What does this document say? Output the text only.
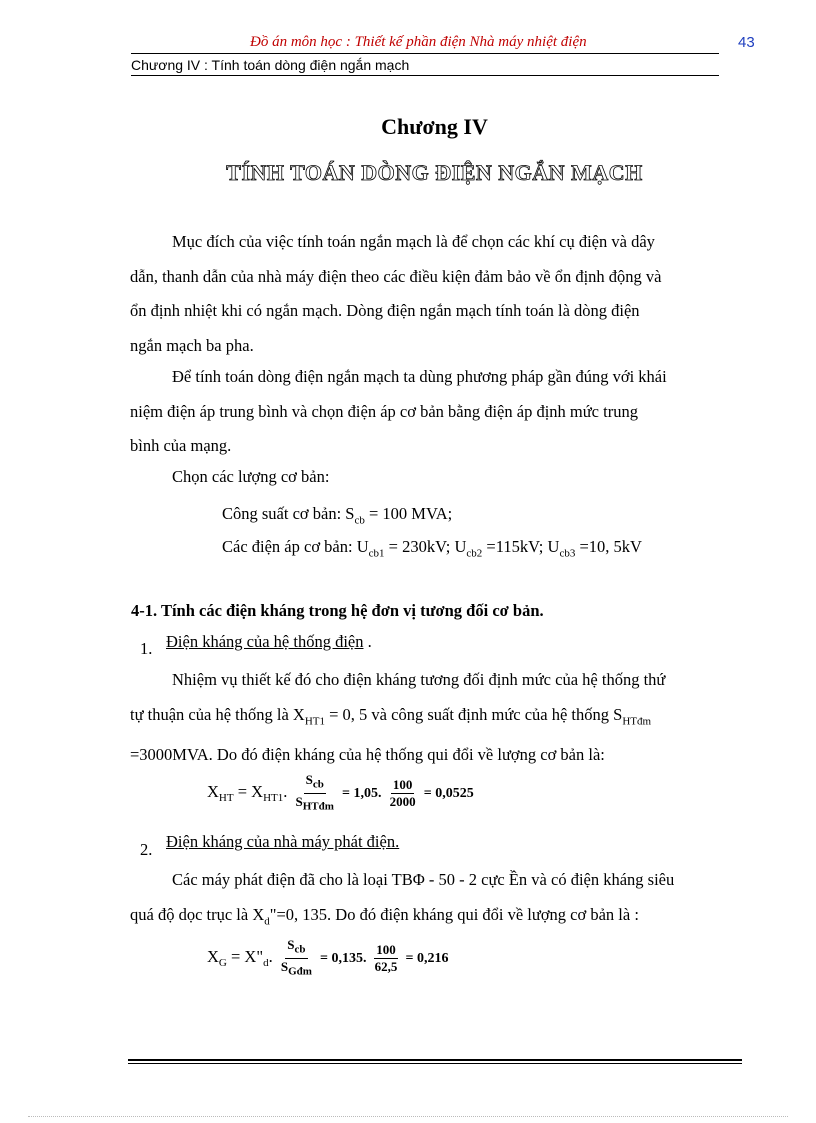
Đồ án môn học : Thiết kế phần điện Nhà máy nhiệt điện	43
Chương IV : Tính toán dòng điện ngắn mạch
Chương IV
TÍNH TOÁN DÒNG ĐIỆN NGẮN MẠCH
Mục đích của việc tính toán ngắn mạch là để chọn các khí cụ điện và dây
dẫn, thanh dẫn của nhà máy điện theo các điều kiện đảm bảo về ổn định động và
ổn định nhiệt khi có ngắn mạch. Dòng điện ngắn mạch tính toán là dòng điện
ngắn mạch ba pha.
Để tính toán dòng điện ngắn mạch ta dùng phương pháp gần đúng với khái
niệm điện áp trung bình và chọn điện áp cơ bản bằng điện áp định mức trung
bình của mạng.
Chọn các lượng cơ bản:
Công suất cơ bản: $S_{cb} = 100$ MVA;
Các điện áp cơ bản: $U_{cb1} = 230kV$; $U_{cb2} =115kV$; $U_{cb3} =10$, 5kV
4-1. Tính các điện kháng trong hệ đơn vị tương đối cơ bản.
1. Điện kháng của hệ thống điện .
Nhiệm vụ thiết kế đó cho điện kháng tương đối định mức của hệ thống thứ
tự thuận của hệ thống là $X_{HT1} = 0$, 5 và công suất định mức của hệ thống $S_{HTđm}$
=3000MVA. Do đó điện kháng của hệ thống qui đổi về lượng cơ bản là:
$X_{HT} = X_{HT1}$. $\frac{S_{cb}}{S_{HTđm}} = 1,05$. $\frac{100}{2000} = 0,0525$
2. Điện kháng của nhà máy phát điện.
Các máy phát điện đã cho là loại TBΦ - 50 - 2 cực Ền và có điện kháng siêu
quá độ dọc trục là $X_d"=0$, 135. Do đó điện kháng qui đổi về lượng cơ bản là :
$X_G$ = $X"_d$. $\frac{S_{cb}}{S_{Gđm}} = 0,135$. $\frac{100}{62,5} = 0,216$
